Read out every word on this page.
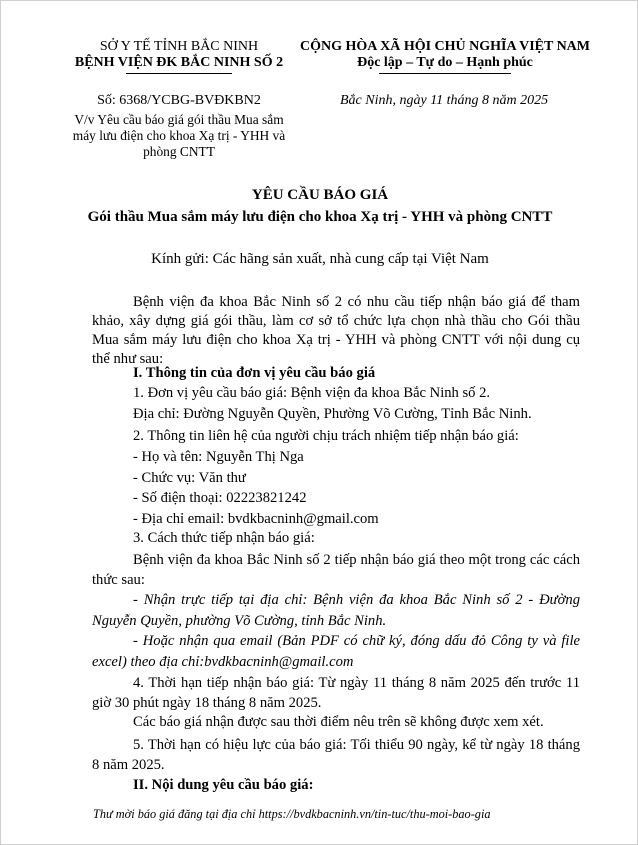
SỞ Y TẾ TỈNH BẮC NINH
BỆNH VIỆN ĐK BẮC NINH SỐ 2
CỘNG HÒA XÃ HỘI CHỦ NGHĨA VIỆT NAM
Độc lập – Tự do – Hạnh phúc
Số: 6368/YCBG-BVĐKBN2	Bắc Ninh, ngày 11 tháng 8 năm 2025
V/v Yêu cầu báo giá gói thầu Mua sắm
máy lưu điện cho khoa Xạ trị - YHH và
phòng CNTT
YÊU CẦU BÁO GIÁ
Gói thầu Mua sắm máy lưu điện cho khoa Xạ trị - YHH và phòng CNTT
Kính gửi: Các hãng sản xuất, nhà cung cấp tại Việt Nam
Bệnh viện đa khoa Bắc Ninh số 2 có nhu cầu tiếp nhận báo giá để tham
khảo, xây dựng giá gói thầu, làm cơ sở tổ chức lựa chọn nhà thầu cho Gói thầu
Mua sắm máy lưu điện cho khoa Xạ trị - YHH và phòng CNTT với nội dung cụ
thể như sau:
I. Thông tin của đơn vị yêu cầu báo giá
1. Đơn vị yêu cầu báo giá: Bệnh viện đa khoa Bắc Ninh số 2.
Địa chỉ: Đường Nguyễn Quyền, Phường Võ Cường, Tỉnh Bắc Ninh.
2. Thông tin liên hệ của người chịu trách nhiệm tiếp nhận báo giá:
- Họ và tên: Nguyễn Thị Nga
- Chức vụ: Văn thư
- Số điện thoại: 02223821242
- Địa chỉ email: bvdkbacninh@gmail.com
3. Cách thức tiếp nhận báo giá:
Bệnh viện đa khoa Bắc Ninh số 2 tiếp nhận báo giá theo một trong các cách
thức sau:
- Nhận trực tiếp tại địa chỉ: Bệnh viện đa khoa Bắc Ninh số 2 - Đường
Nguyễn Quyền, phường Võ Cường, tỉnh Bắc Ninh.
- Hoặc nhận qua email (Bản PDF có chữ ký, đóng dấu đỏ Công ty và file
excel) theo địa chỉ:bvdkbacninh@gmail.com
4. Thời hạn tiếp nhận báo giá: Từ ngày 11 tháng 8 năm 2025 đến trước 11
giờ 30 phút ngày 18 tháng 8 năm 2025.
Các báo giá nhận được sau thời điểm nêu trên sẽ không được xem xét.
5. Thời hạn có hiệu lực của báo giá: Tối thiểu 90 ngày, kể từ ngày 18 tháng
8 năm 2025.
II. Nội dung yêu cầu báo giá:
Thư mời báo giá đăng tại địa chỉ https://bvdkbacninh.vn/tin-tuc/thu-moi-bao-gia
